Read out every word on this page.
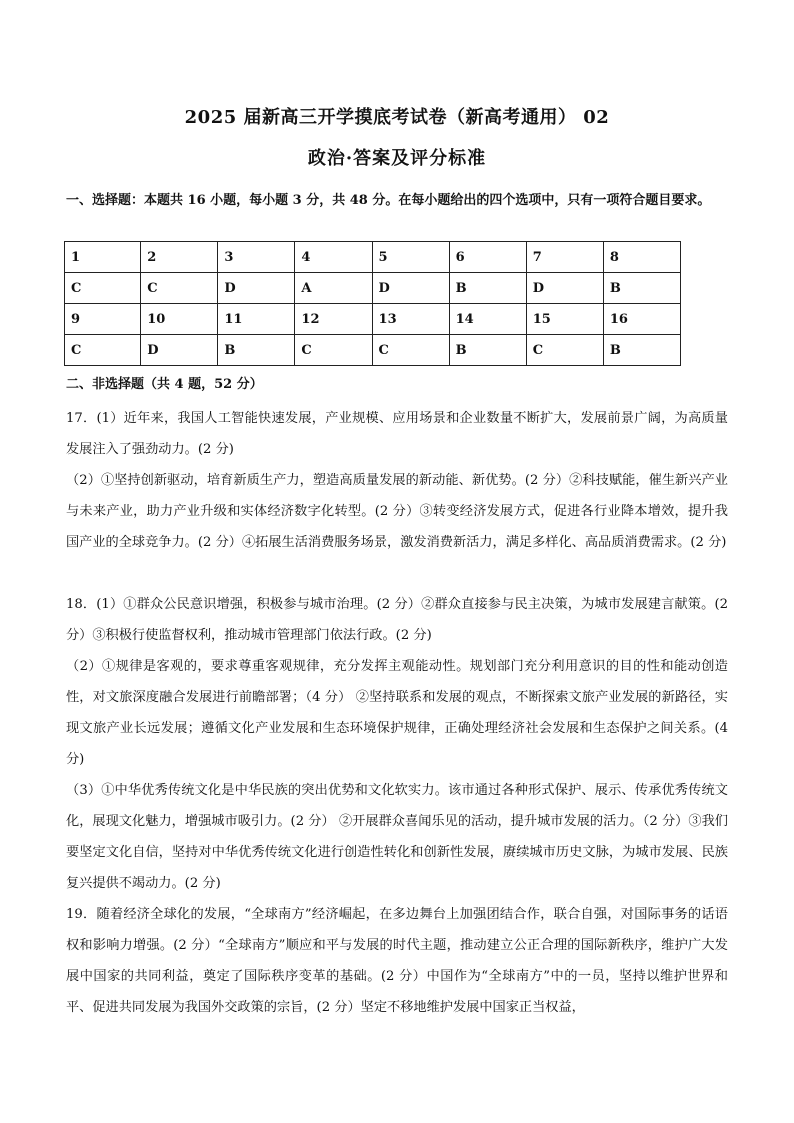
2025 届新高三开学摸底考试卷（新高考通用） 02
政治·答案及评分标准
一、选择题：本题共 16 小题，每小题 3 分，共 48 分。在每小题给出的四个选项中，只有一项符合题目要求。
1	2	3	4	5	6	7	8
C	C	D	A	D	B	D	B
9	10	11	12	13	14	15	16
C	D	B	C	C	B	C	B
二、非选择题（共 4 题，52 分）

17．(1）近年来，我国人工智能快速发展，产业规模、应用场景和企业数量不断扩大，发展前景广阔，为高质量发展注入了强劲动力。(2 分)

（2）①坚持创新驱动，培育新质生产力，塑造高质量发展的新动能、新优势。(2 分）②科技赋能，催生新兴产业与未来产业，助力产业升级和实体经济数字化转型。(2 分）③转变经济发展方式，促进各行业降本增效，提升我国产业的全球竞争力。(2 分）④拓展生活消费服务场景，激发消费新活力，满足多样化、高品质消费需求。(2 分)

18．(1）①群众公民意识增强，积极参与城市治理。(2 分）②群众直接参与民主决策，为城市发展建言献策。(2 分）③积极行使监督权利，推动城市管理部门依法行政。(2 分)

（2）①规律是客观的，要求尊重客观规律，充分发挥主观能动性。规划部门充分利用意识的目的性和能动创造性，对文旅深度融合发展进行前瞻部署；（4 分） ②坚持联系和发展的观点，不断探索文旅产业发展的新路径，实现文旅产业长远发展；遵循文化产业发展和生态环境保护规律，正确处理经济社会发展和生态保护之间关系。(4 分)

（3）①中华优秀传统文化是中华民族的突出优势和文化软实力。该市通过各种形式保护、展示、传承优秀传统文化，展现文化魅力，增强城市吸引力。(2 分） ②开展群众喜闻乐见的活动，提升城市发展的活力。（2 分）③我们要坚定文化自信，坚持对中华优秀传统文化进行创造性转化和创新性发展，赓续城市历史文脉，为城市发展、民族复兴提供不竭动力。(2 分)

19．随着经济全球化的发展，“全球南方”经济崛起，在多边舞台上加强团结合作，联合自强，对国际事务的话语权和影响力增强。(2 分）“全球南方”顺应和平与发展的时代主题，推动建立公正合理的国际新秩序，维护广大发展中国家的共同利益，奠定了国际秩序变革的基础。(2 分）中国作为“全球南方”中的一员，坚持以维护世界和平、促进共同发展为我国外交政策的宗旨，(2 分）坚定不移地维护发展中国家正当权益，
